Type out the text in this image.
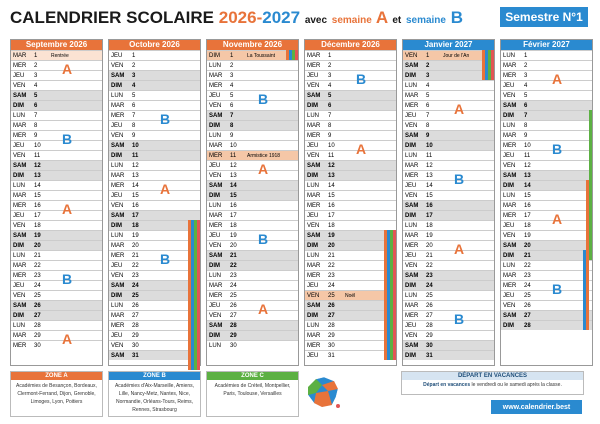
CALENDRIER SCOLAIRE 2026-2027 avec semaine A et semaine B	Semestre N°1
Septembre 2026
MAR 1	Rentrée
MER 2
JEU 3
VEN 4
SAM 5
DIM 6
LUN 7
MAR 8
MER 9
JEU 10
VEN 11
SAM 12
DIM 13
LUN 14
MAR 15
MER 16
JEU 17
VEN 18
SAM 19
DIM 20
LUN 21
MAR 22
MER 23
JEU 24
VEN 25
SAM 26
DIM 27
LUN 28
MAR 29
MER 30
A
B
A
B
A
Octobre 2026
JEU 1
VEN 2
SAM 3
DIM 4
LUN 5
MAR 6
MER 7
JEU 8
VEN 9
SAM 10
DIM 11
LUN 12
MAR 13
MER 14
JEU 15
VEN 16
SAM 17
DIM 18
LUN 19
MAR 20
MER 21
JEU 22
VEN 23
SAM 24
DIM 25
LUN 26
MAR 27
MER 28
JEU 29
VEN 30
SAM 31
B
A
B
Novembre 2026
DIM 1	La Toussaint
LUN 2
MAR 3
MER 4
JEU 5
VEN 6
SAM 7
DIM 8
LUN 9
MAR 10
MER 11 Armistice 1918
JEU 12
VEN 13
SAM 14
DIM 15
LUN 16
MAR 17
MER 18
JEU 19
VEN 20
SAM 21
DIM 22
LUN 23
MAR 24
MER 25
JEU 26
VEN 27
SAM 28
DIM 29
LUN 30
B
A
B
A
Décembre 2026
MAR 1
MER 2
JEU 3
VEN 4
SAM 5
DIM 6
LUN 7
MAR 8
MER 9
JEU 10
VEN 11
SAM 12
DIM 13
LUN 14
MAR 15
MER 16
JEU 17
VEN 18
SAM 19
DIM 20
LUN 21
MAR 22
MER 23
JEU 24
VEN 25 Noël
SAM 26
DIM 27
LUN 28
MAR 29
MER 30
JEU 31
B
A
Janvier 2027
VEN 1	Jour de l'An
SAM 2
DIM 3
LUN 4
MAR 5
MER 6
JEU 7
VEN 8
SAM 9
DIM 10
LUN 11
MAR 12
MER 13
JEU 14
VEN 15
SAM 16
DIM 17
LUN 18
MAR 19
MER 20
JEU 21
VEN 22
SAM 23
DIM 24
LUN 25
MAR 26
MER 27
JEU 28
VEN 29
SAM 30
DIM 31
A
B
A
B
Février 2027
LUN 1
MAR 2
MER 3
JEU 4
VEN 5
SAM 6
DIM 7
LUN 8
MAR 9
MER 10
JEU 11
VEN 12
SAM 13
DIM 14
LUN 15
MAR 16
MER 17
JEU 18
VEN 19
SAM 20
DIM 21
LUN 22
MAR 23
MER 24
JEU 25
VEN 26
SAM 27
DIM 28
A
B
A
B
ZONE A
Académies de Besançon, Bordeaux, Clermont-Ferrand, Dijon, Grenoble, Limoges, Lyon, Poitiers
ZONE B
Académies d'Aix-Marseille, Amiens, Lille, Nancy-Metz, Nantes, Nice, Normandie, Orléans-Tours, Reims, Rennes, Strasbourg
ZONE C
Académies de Créteil, Montpellier, Paris, Toulouse, Versailles
DÉPART EN VACANCES
Départ en vacances le vendredi ou le samedi après la classe.
www.calendrier.best
